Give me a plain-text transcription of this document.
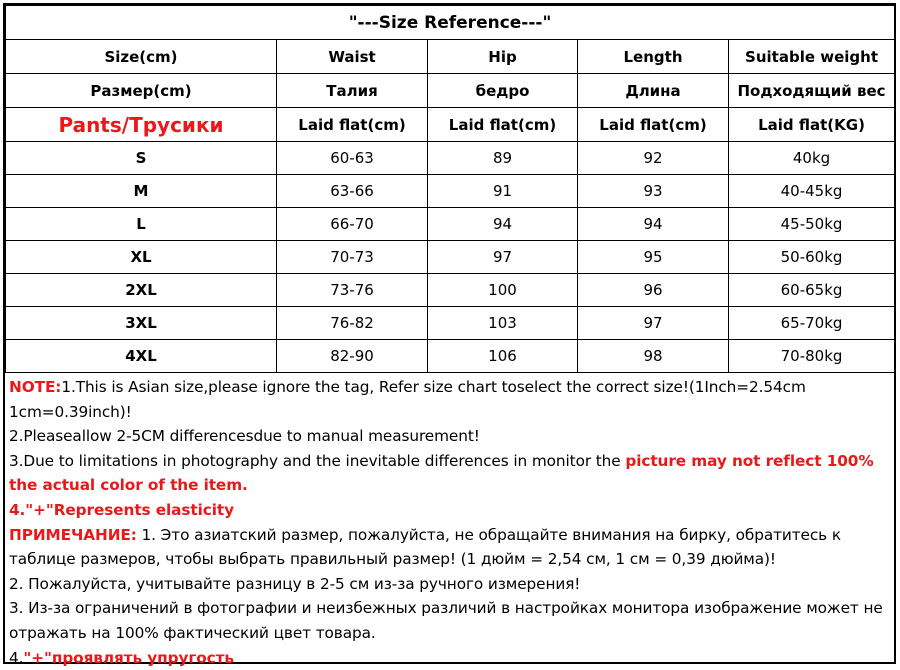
"---Size Reference---"				
Size(cm)	Waist	Hip	Length	Suitable weight
Размер(cm)	Талия	бедро	Длина	Подходящий вес
Pants/Трусики	Laid flat(cm)	Laid flat(cm)	Laid flat(cm)	Laid flat(KG)
S	60-63	89	92	40kg
M	63-66	91	93	40-45kg
L	66-70	94	94	45-50kg
XL	70-73	97	95	50-60kg
2XL	73-76	100	96	60-65kg
3XL	76-82	103	97	65-70kg
4XL	82-90	106	98	70-80kg

NOTE:1.This is Asian size,please ignore the tag, Refer size chart toselect the correct size!(1Inch=2.54cm 1cm=0.39inch)!

2.Pleaseallow 2-5CM differencesdue to manual measurement!

3.Due to limitations in photography and the inevitable differences in monitor the picture may not reflect 100% the actual color of the item.

4."+"Represents elasticity

ПРИМЕЧАНИЕ: 1. Это азиатский размер, пожалуйста, не обращайте внимания на бирку, обратитесь к таблице размеров, чтобы выбрать правильный размер! (1 дюйм = 2,54 см, 1 см = 0,39 дюйма)!

2. Пожалуйста, учитывайте разницу в 2-5 см из-за ручного измерения!

3. Из-за ограничений в фотографии и неизбежных различий в настройках монитора изображение может не отражать на 100% фактический цвет товара.

4."+"проявлять упругость
